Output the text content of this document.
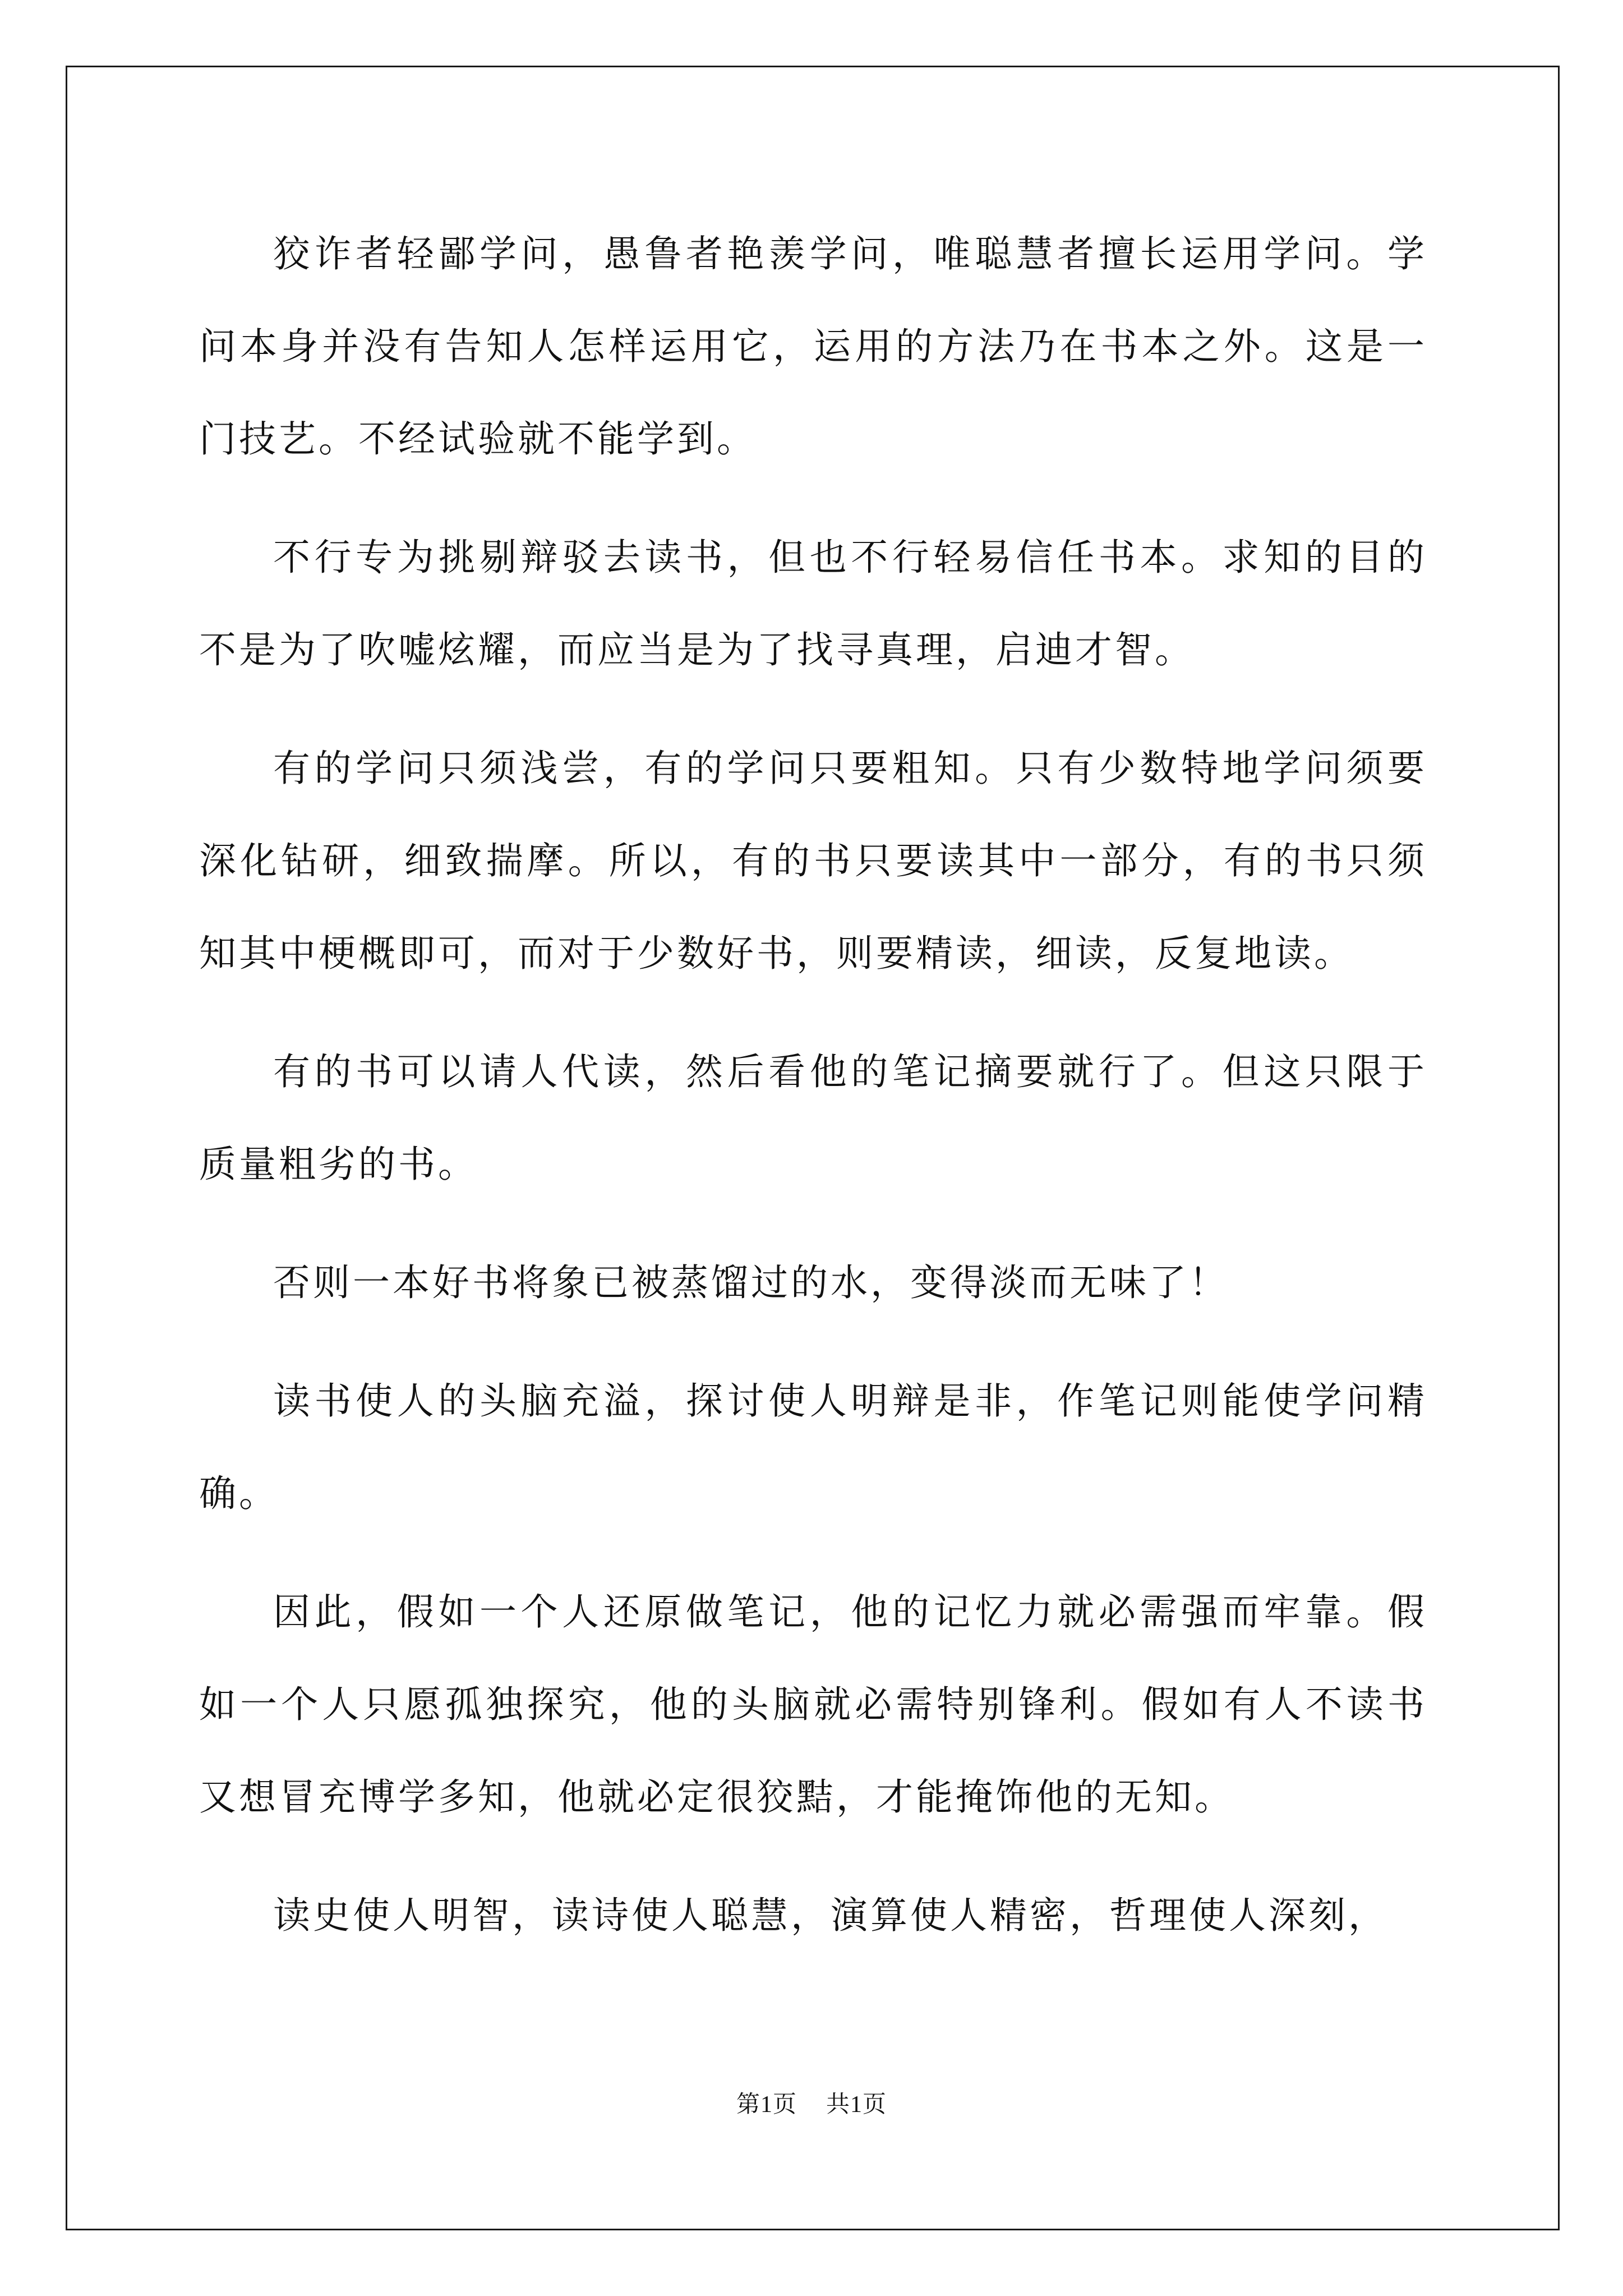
狡诈者轻鄙学问，愚鲁者艳羡学问，唯聪慧者擅长运用学问。学问本身并没有告知人怎样运用它，运用的方法乃在书本之外。这是一门技艺。不经试验就不能学到。

不行专为挑剔辩驳去读书，但也不行轻易信任书本。求知的目的不是为了吹嘘炫耀，而应当是为了找寻真理，启迪才智。

有的学问只须浅尝，有的学问只要粗知。只有少数特地学问须要深化钻研，细致揣摩。所以，有的书只要读其中一部分，有的书只须知其中梗概即可，而对于少数好书，则要精读，细读，反复地读。

有的书可以请人代读，然后看他的笔记摘要就行了。但这只限于质量粗劣的书。

否则一本好书将象已被蒸馏过的水，变得淡而无味了！

读书使人的头脑充溢，探讨使人明辩是非，作笔记则能使学问精确。

因此，假如一个人还原做笔记，他的记忆力就必需强而牢靠。假如一个人只愿孤独探究，他的头脑就必需特别锋利。假如有人不读书又想冒充博学多知，他就必定很狡黠，才能掩饰他的无知。

读史使人明智，读诗使人聪慧，演算使人精密，哲理使人深刻，

第1页 共1页
